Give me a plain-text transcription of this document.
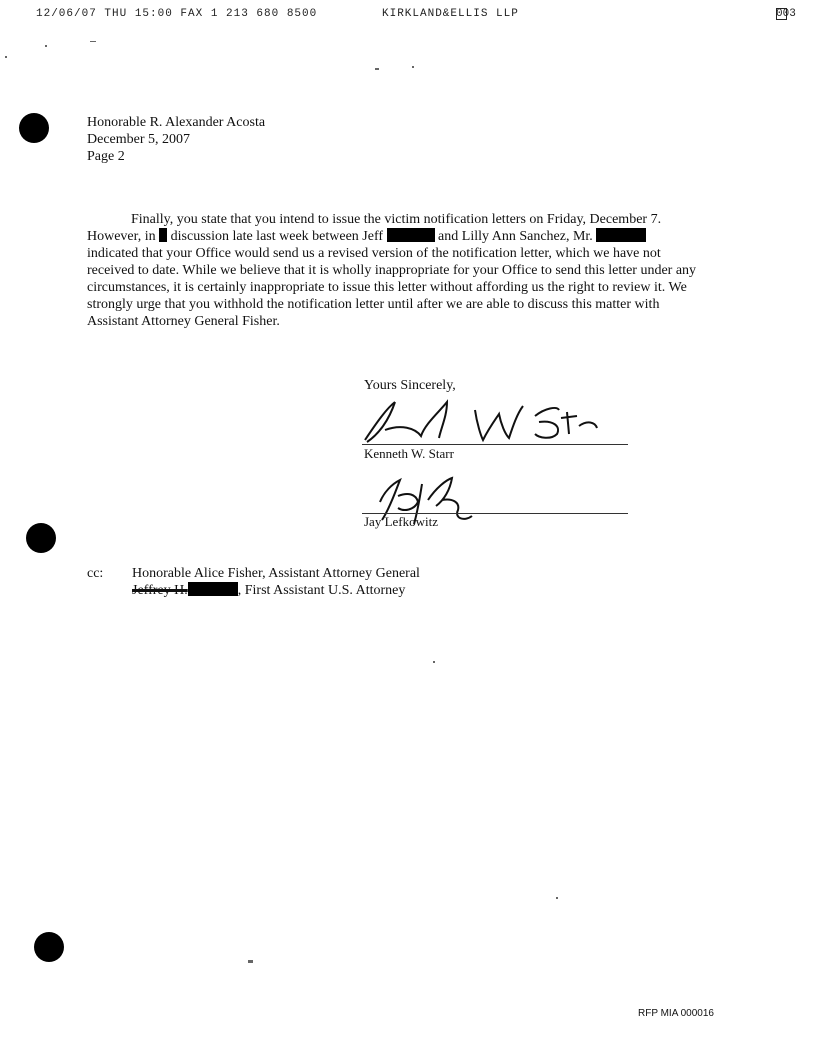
12/06/07 THU 15:00 FAX 1 213 680 8500	KIRKLAND&ELLIS LLP	003
Honorable R. Alexander Acosta
December 5, 2007
Page 2

Finally, you state that you intend to issue the victim notification letters on Friday, December 7. However, in  discussion late last week between Jeff	and Lilly Ann Sanchez, Mr.  indicated that your Office would send us a revised version of the notification letter, which we have not received to date. While we believe that it is wholly inappropriate for your Office to send this letter under any circumstances, it is certainly inappropriate to issue this letter without affording us the right to review it. We strongly urge that you withhold the notification letter until after we are able to discuss this matter with Assistant Attorney General Fisher.

Yours Sincerely,
Kenneth W. Starr
Jay Lefkowitz
cc: Honorable Alice Fisher, Assistant Attorney General
Jeffrey H.	, First Assistant U.S. Attorney
RFP MIA 000016
